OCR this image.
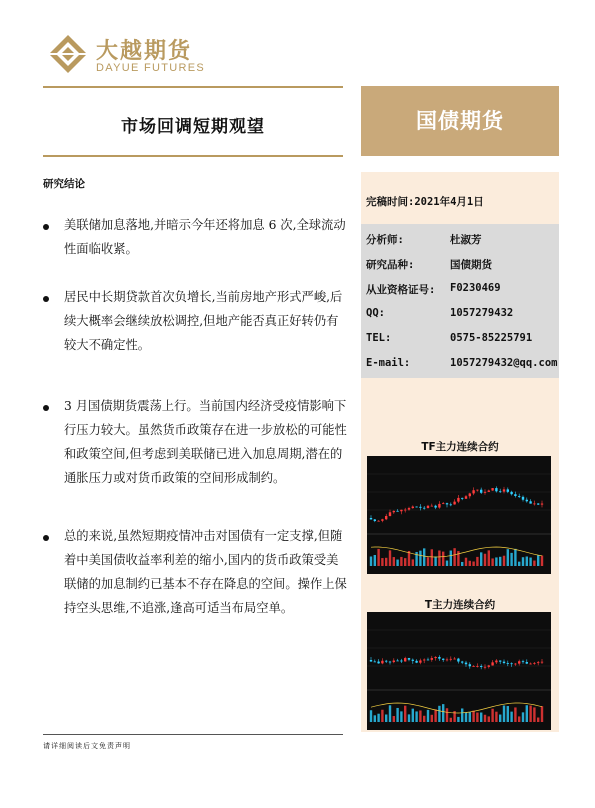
大越期货
DAYUE FUTURES
市场回调短期观望	国债期货
完稿时间:2021年4月1日
分析师:	杜淑芳
研究品种:	国债期货
从业资格证号: F0230469
QQ:	1057279432
TEL:	0575-85225791
E-mail:	1057279432@qq.com
TF主力连续合约
T主力连续合约
研究结论
美联储加息落地,并暗示今年还将加息 6 次,全球流动性面临收紧。
居民中长期贷款首次负增长,当前房地产形式严峻,后续大概率会继续放松调控,但地产能否真正好转仍有较大不确定性。
3 月国债期货震荡上行。当前国内经济受疫情影响下行压力较大。虽然货币政策存在进一步放松的可能性和政策空间,但考虑到美联储已进入加息周期,潜在的通胀压力或对货币政策的空间形成制约。
总的来说,虽然短期疫情冲击对国债有一定支撑,但随着中美国债收益率利差的缩小,国内的货币政策受美联储的加息制约已基本不存在降息的空间。操作上保持空头思维,不追涨,逢高可适当布局空单。
请详细阅读后文免责声明
